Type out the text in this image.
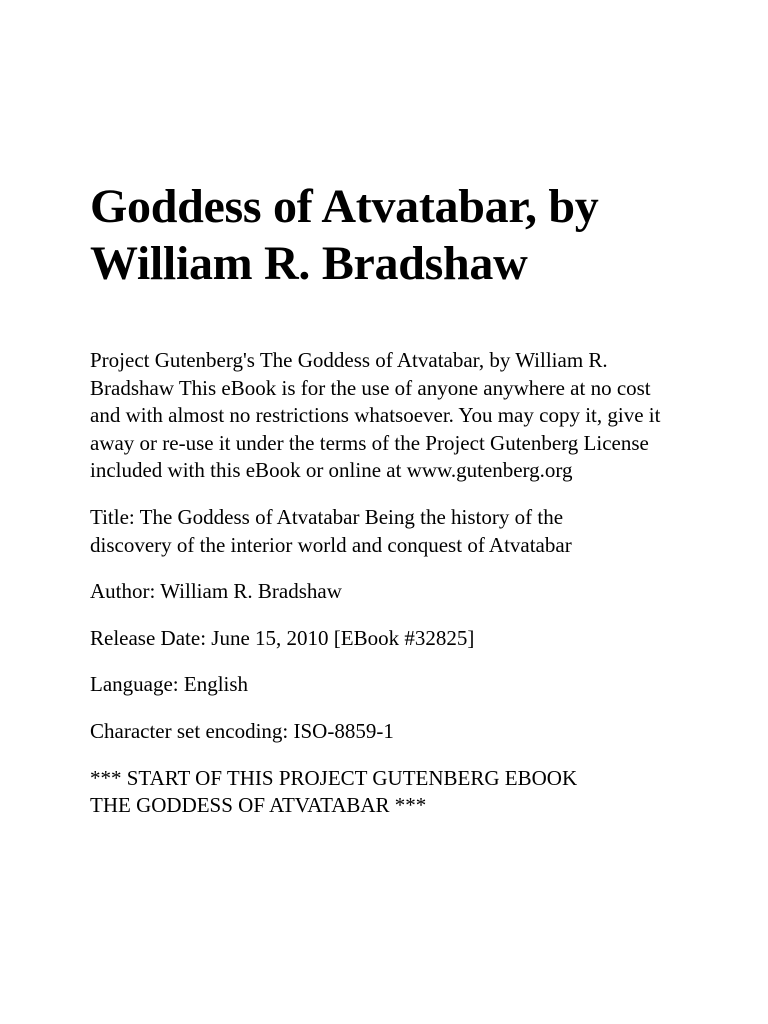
Goddess of Atvatabar, by
William R. Bradshaw

Project Gutenberg's The Goddess of Atvatabar, by William R. Bradshaw This eBook is for the use of anyone anywhere at no cost and with almost no restrictions whatsoever. You may copy it, give it away or re-use it under the terms of the Project Gutenberg License included with this eBook or online at www.gutenberg.org

Title: The Goddess of Atvatabar Being the history of the
discovery of the interior world and conquest of Atvatabar

Author: William R. Bradshaw

Release Date: June 15, 2010 [EBook #32825]

Language: English

Character set encoding: ISO-8859-1

*** START OF THIS PROJECT GUTENBERG EBOOK
THE GODDESS OF ATVATABAR ***
